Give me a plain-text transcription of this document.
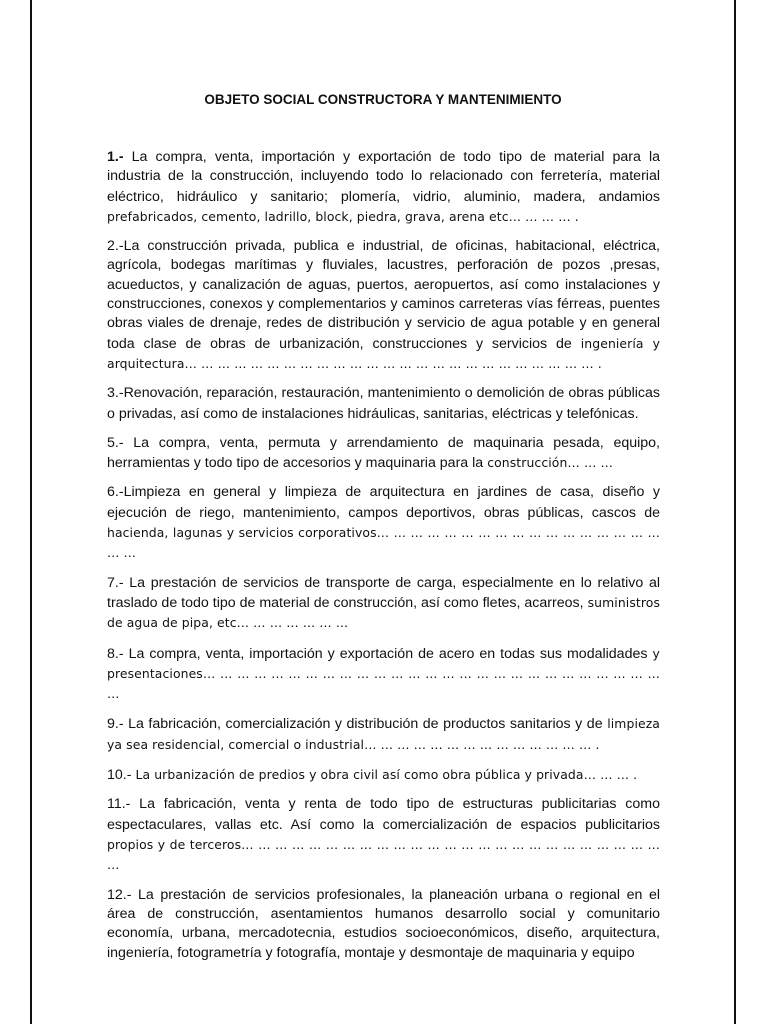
OBJETO SOCIAL CONSTRUCTORA Y MANTENIMIENTO

1.- La compra, venta, importación y exportación de todo tipo de material para la industria de la construcción, incluyendo todo lo relacionado con ferretería, material eléctrico, hidráulico y sanitario; plomería, vidrio, aluminio, madera, andamios prefabricados, cemento, ladrillo, block, piedra, grava, arena etc… … … … .

2.-La construcción privada, publica e industrial, de oficinas, habitacional, eléctrica, agrícola, bodegas marítimas y fluviales, lacustres, perforación de pozos ,presas, acueductos, y canalización de aguas, puertos, aeropuertos, así como instalaciones y construcciones, conexos y complementarios y caminos carreteras vías férreas, puentes obras viales de drenaje, redes de distribución y servicio de agua potable y en general toda clase de obras de urbanización, construcciones y servicios de ingeniería y arquitectura… … … … … … … … … … … … … … … … … … … … … … … … … .

3.-Renovación, reparación, restauración, mantenimiento o demolición de obras públicas o privadas, así como de instalaciones hidráulicas, sanitarias, eléctricas y telefónicas.

5.- La compra, venta, permuta y arrendamiento de maquinaria pesada, equipo, herramientas y todo tipo de accesorios y maquinaria para la construcción… … …

6.-Limpieza en general y limpieza de arquitectura en jardines de casa, diseño y ejecución de riego, mantenimiento, campos deportivos, obras públicas, cascos de hacienda, lagunas y servicios corporativos… … … … … … … … … … … … … … … … … … …

7.- La prestación de servicios de transporte de carga, especialmente en lo relativo al traslado de todo tipo de material de construcción, así como fletes, acarreos, suministros de agua de pipa, etc… … … … … … …

8.- La compra, venta, importación y exportación de acero en todas sus modalidades y presentaciones… … … … … … … … … … … … … … … … … … … … … … … … … … … …

9.- La fabricación, comercialización y distribución de productos sanitarios y de limpieza ya sea residencial, comercial o industrial… … … … … … … … … … … … … … .

10.- La urbanización de predios y obra civil así como obra pública y privada… … … .

11.- La fabricación, venta y renta de todo tipo de estructuras publicitarias como espectaculares, vallas etc. Así como la comercialización de espacios publicitarios propios y de terceros… … … … … … … … … … … … … … … … … … … … … … … … … …

12.- La prestación de servicios profesionales, la planeación urbana o regional en el área de construcción, asentamientos humanos desarrollo social y comunitario economía, urbana, mercadotecnia, estudios socioeconómicos, diseño, arquitectura, ingeniería, fotogrametría y fotografía, montaje y desmontaje de maquinaria y equipo
